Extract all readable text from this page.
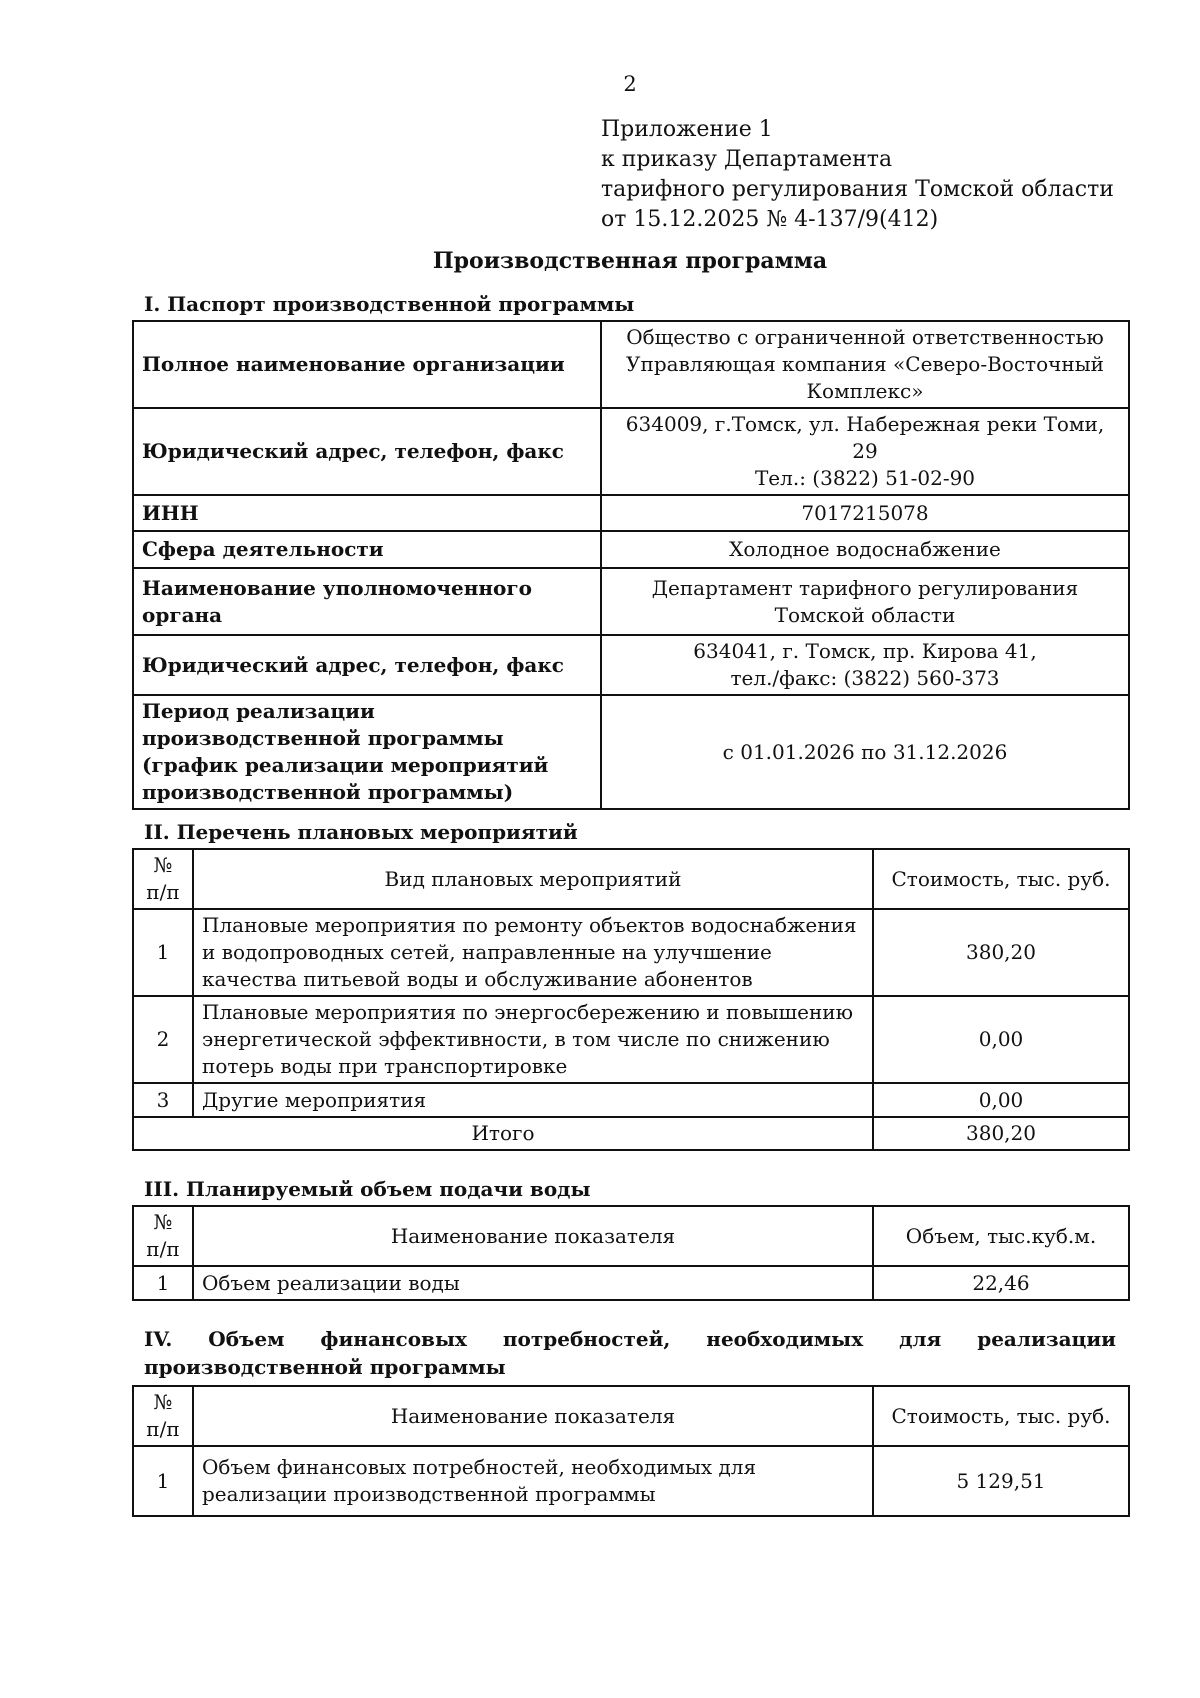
2
Приложение 1
к приказу Департамента
тарифного регулирования Томской области
от 15.12.2025 № 4-137/9(412)
Производственная программа
I. Паспорт производственной программы
Полное наименование организации	Общество с ограниченной ответственностью Управляющая компания «Северо-Восточный Комплекс»
Юридический адрес, телефон, факс	634009, г.Томск, ул. Набережная реки Томи, 29
Тел.: (3822) 51-02-90

ИНН	7017215078
Сфера деятельности	Холодное водоснабжение
Наименование уполномоченного органа	Департамент тарифного регулирования
Томской области

Юридический адрес, телефон, факс	634041, г. Томск, пр. Кирова 41,
тел./факс: (3822) 560-373

Период реализации производственной программы (график реализации мероприятий производственной программы)	с 01.01.2026 по 31.12.2026
II. Перечень плановых мероприятий
№ п/п	Вид плановых мероприятий	Стоимость, тыс. руб.
1	Плановые мероприятия по ремонту объектов водоснабжения и водопроводных сетей, направленные на улучшение качества питьевой воды и обслуживание абонентов	380,20
2	Плановые мероприятия по энергосбережению и повышению энергетической эффективности, в том числе по снижению потерь воды при транспортировке	0,00
3	Другие мероприятия	0,00
Итого		380,20
III. Планируемый объем подачи воды
№ п/п	Наименование показателя	Объем, тыс.куб.м.
1	Объем реализации воды	22,46
IV. Объем финансовых потребностей, необходимых для реализации производственной программы
№ п/п	Наименование показателя	Стоимость, тыс. руб.
1	Объем финансовых потребностей, необходимых для реализации производственной программы	5 129,51
